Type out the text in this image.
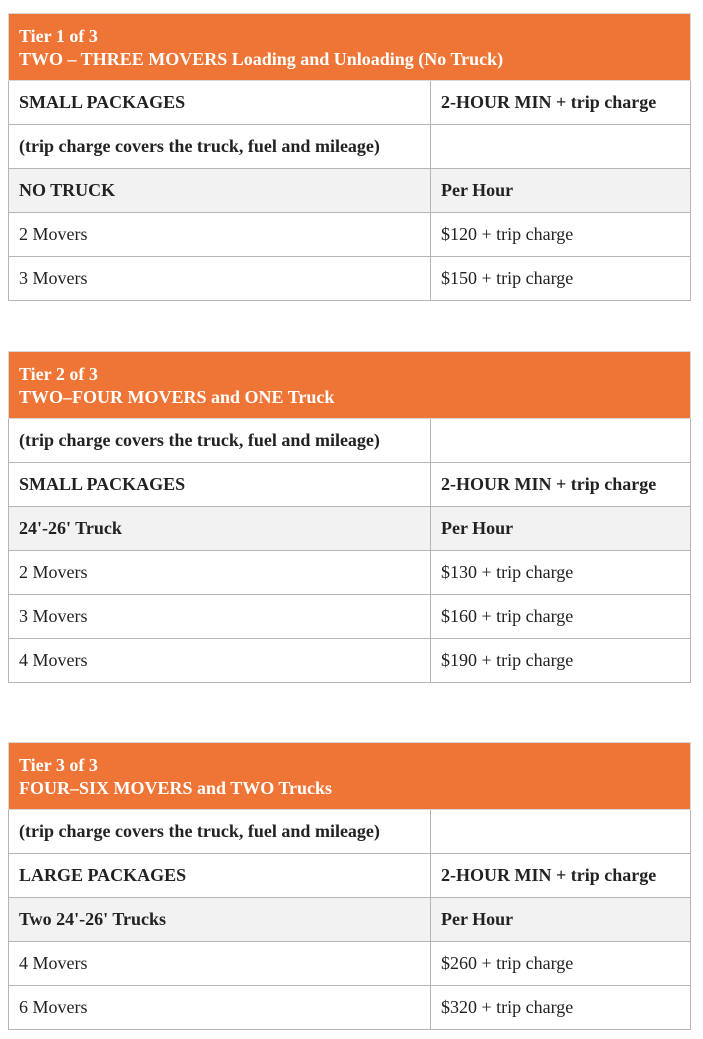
Tier 1 of 3
TWO – THREE MOVERS Loading and Unloading (No Truck)	

SMALL PACKAGES	2-HOUR MIN + trip charge
(trip charge covers the truck, fuel and mileage)	
NO TRUCK	Per Hour
2 Movers	$120 + trip charge
3 Movers	$150 + trip charge
Tier 2 of 3
TWO–FOUR MOVERS and ONE Truck	

(trip charge covers the truck, fuel and mileage)	
SMALL PACKAGES	2-HOUR MIN + trip charge
24'-26' Truck	Per Hour
2 Movers	$130 + trip charge
3 Movers	$160 + trip charge
4 Movers	$190 + trip charge
Tier 3 of 3
FOUR–SIX MOVERS and TWO Trucks	

(trip charge covers the truck, fuel and mileage)	
LARGE PACKAGES	2-HOUR MIN + trip charge
Two 24'-26' Trucks	Per Hour
4 Movers	$260 + trip charge
6 Movers	$320 + trip charge
